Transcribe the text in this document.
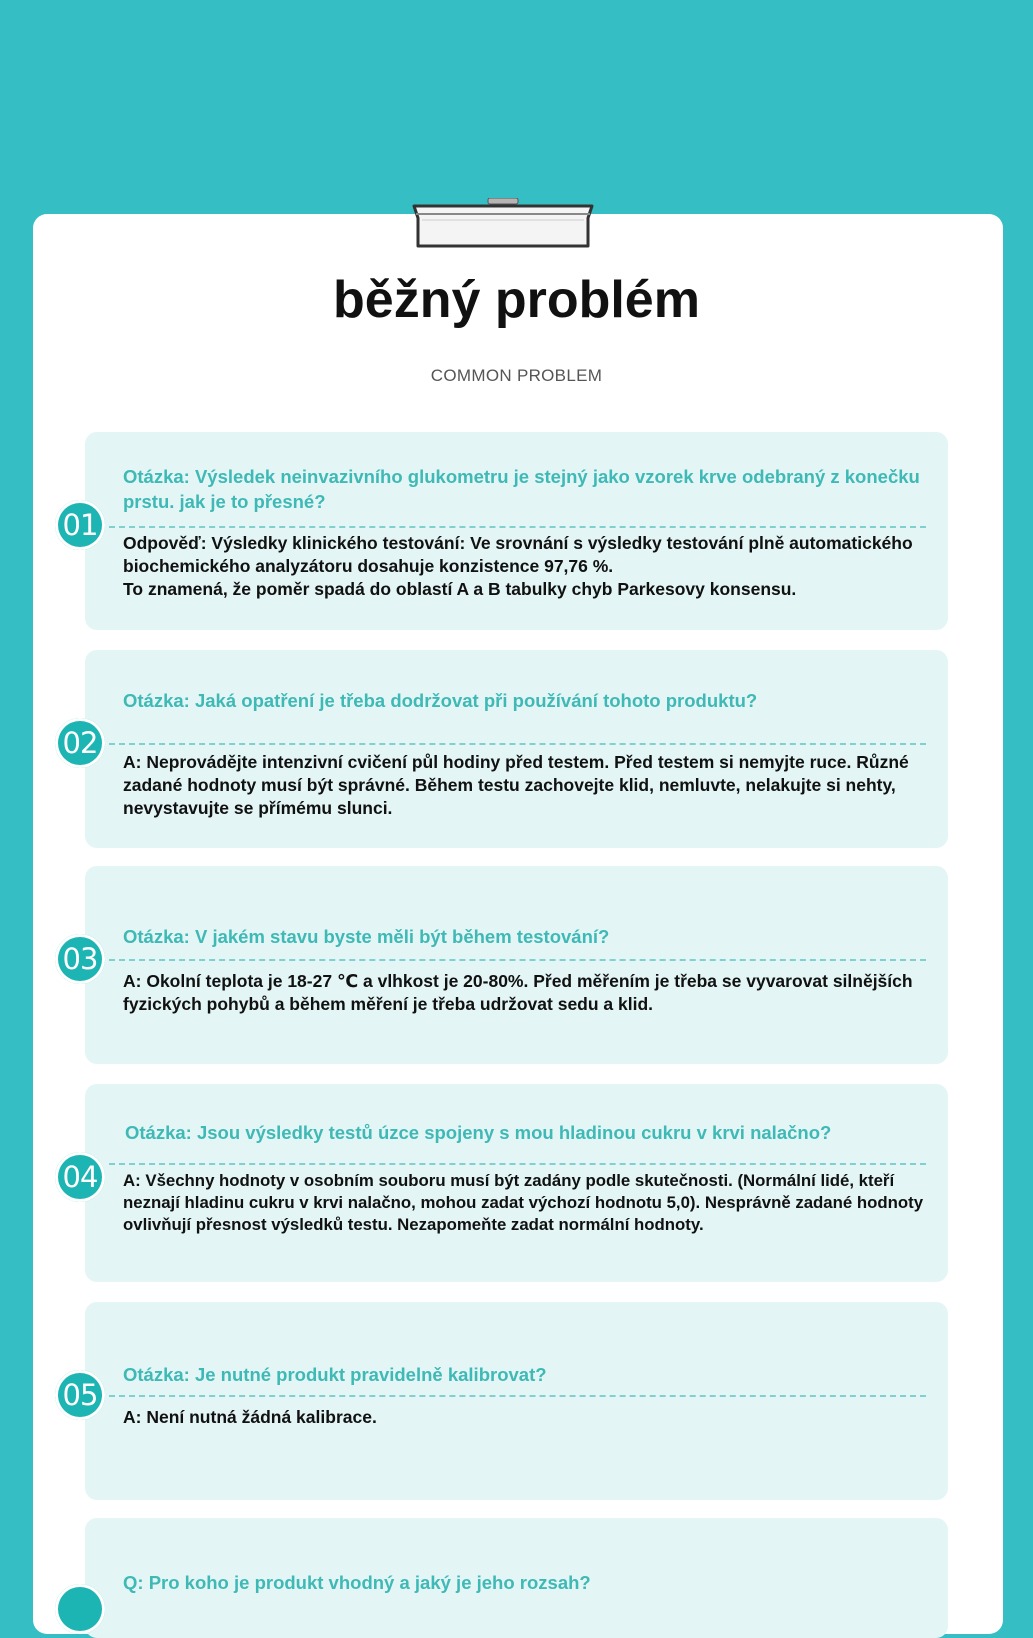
běžný problém
COMMON PROBLEM
Otázka: Výsledek neinvazivního glukometru je stejný jako vzorek krve odebraný z konečku prstu. jak je to přesné?
Odpověď: Výsledky klinického testování: Ve srovnání s výsledky testování plně automatického biochemického analyzátoru dosahuje konzistence 97,76 %.
To znamená, že poměr spadá do oblastí A a B tabulky chyb Parkesovy konsensu.
01
Otázka: Jaká opatření je třeba dodržovat při používání tohoto produktu?
A: Neprovádějte intenzivní cvičení půl hodiny před testem. Před testem si nemyjte ruce. Různé zadané hodnoty musí být správné. Během testu zachovejte klid, nemluvte, nelakujte si nehty, nevystavujte se přímému slunci.
02
Otázka: V jakém stavu byste měli být během testování?
A: Okolní teplota je 18-27 ℃ a vlhkost je 20-80%. Před měřením je třeba se vyvarovat silnějších fyzických pohybů a během měření je třeba udržovat sedu a klid.
03
Otázka: Jsou výsledky testů úzce spojeny s mou hladinou cukru v krvi nalačno?
A: Všechny hodnoty v osobním souboru musí být zadány podle skutečnosti. (Normální lidé, kteří neznají hladinu cukru v krvi nalačno, mohou zadat výchozí hodnotu 5,0). Nesprávně zadané hodnoty ovlivňují přesnost výsledků testu. Nezapomeňte zadat normální hodnoty.
04
Otázka: Je nutné produkt pravidelně kalibrovat?
A: Není nutná žádná kalibrace.
05
Q: Pro koho je produkt vhodný a jaký je jeho rozsah?
